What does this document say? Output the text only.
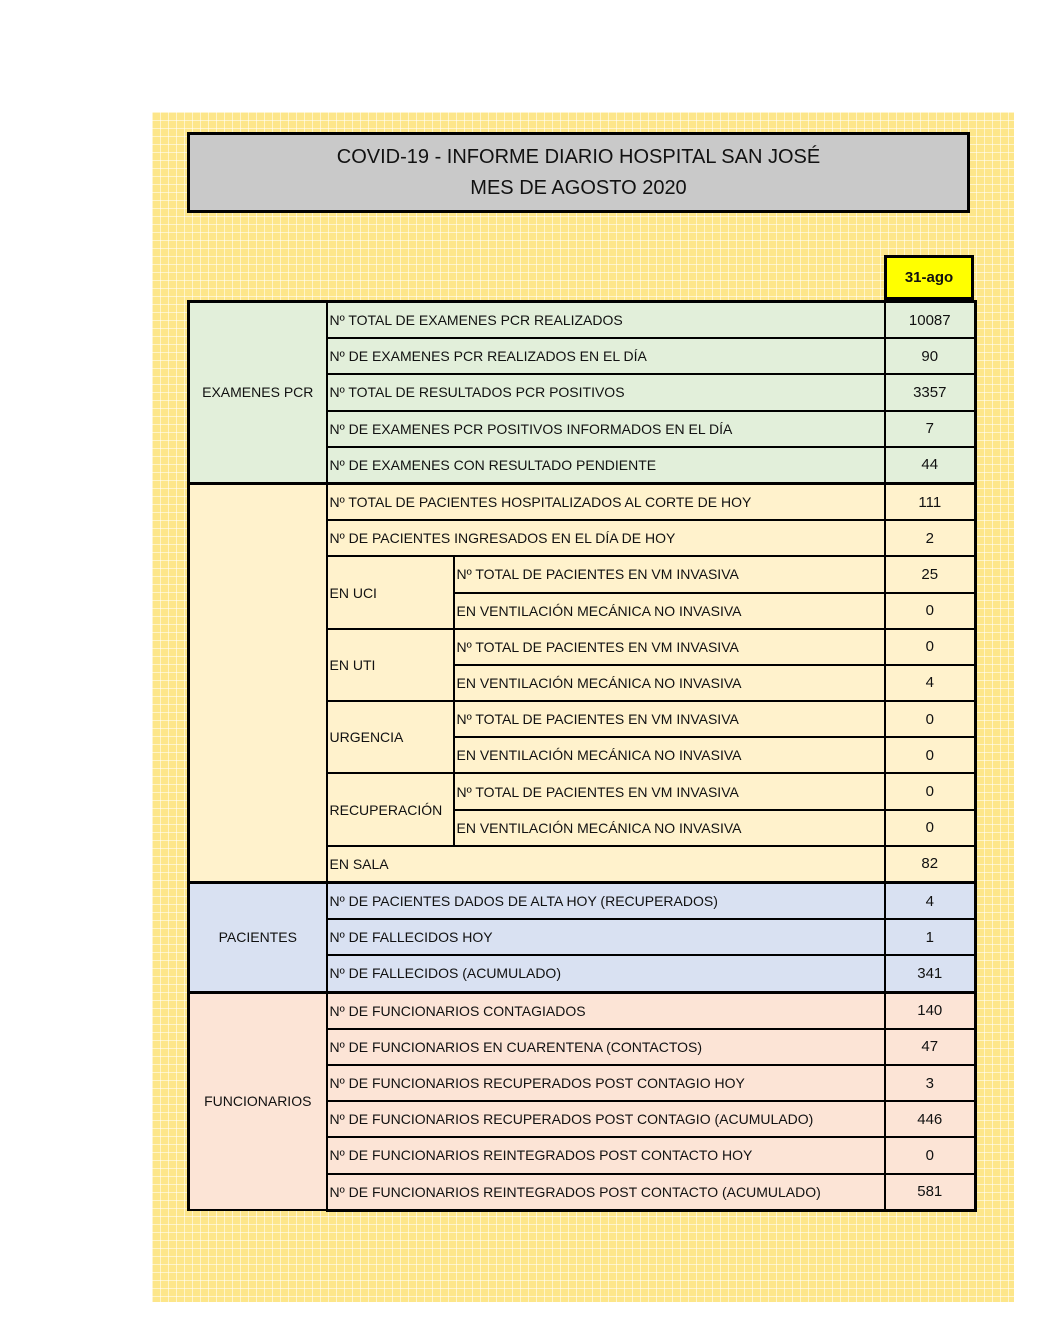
COVID-19 - INFORME DIARIO HOSPITAL SAN JOSÉ
MES DE AGOSTO 2020
31-ago
EXAMENES PCR	Nº TOTAL DE EXAMENES PCR REALIZADOS		10087
	Nº DE EXAMENES PCR REALIZADOS EN EL DÍA		90
	Nº TOTAL DE RESULTADOS PCR POSITIVOS		3357
	Nº DE EXAMENES PCR POSITIVOS INFORMADOS EN EL DÍA		7
	Nº DE EXAMENES CON RESULTADO PENDIENTE		44
	Nº TOTAL DE PACIENTES HOSPITALIZADOS AL CORTE DE HOY		111
	Nº DE PACIENTES INGRESADOS EN EL DÍA DE HOY		2
	EN UCI	Nº TOTAL DE PACIENTES EN VM INVASIVA	25
		EN VENTILACIÓN MECÁNICA NO INVASIVA	0
	EN UTI	Nº TOTAL DE PACIENTES EN VM INVASIVA	0
		EN VENTILACIÓN MECÁNICA NO INVASIVA	4
	URGENCIA	Nº TOTAL DE PACIENTES EN VM INVASIVA	0
		EN VENTILACIÓN MECÁNICA NO INVASIVA	0
	RECUPERACIÓN	Nº TOTAL DE PACIENTES EN VM INVASIVA	0
		EN VENTILACIÓN MECÁNICA NO INVASIVA	0
	EN SALA		82
PACIENTES	Nº DE PACIENTES DADOS DE ALTA HOY (RECUPERADOS)		4
	Nº DE FALLECIDOS HOY		1
	Nº DE FALLECIDOS (ACUMULADO)		341
FUNCIONARIOS	Nº DE FUNCIONARIOS CONTAGIADOS		140
	Nº DE FUNCIONARIOS EN CUARENTENA (CONTACTOS)		47
	Nº DE FUNCIONARIOS RECUPERADOS POST CONTAGIO HOY		3
	Nº DE FUNCIONARIOS RECUPERADOS POST CONTAGIO (ACUMULADO)		446
	Nº DE FUNCIONARIOS REINTEGRADOS POST CONTACTO HOY		0
	Nº DE FUNCIONARIOS REINTEGRADOS POST CONTACTO (ACUMULADO)		581
